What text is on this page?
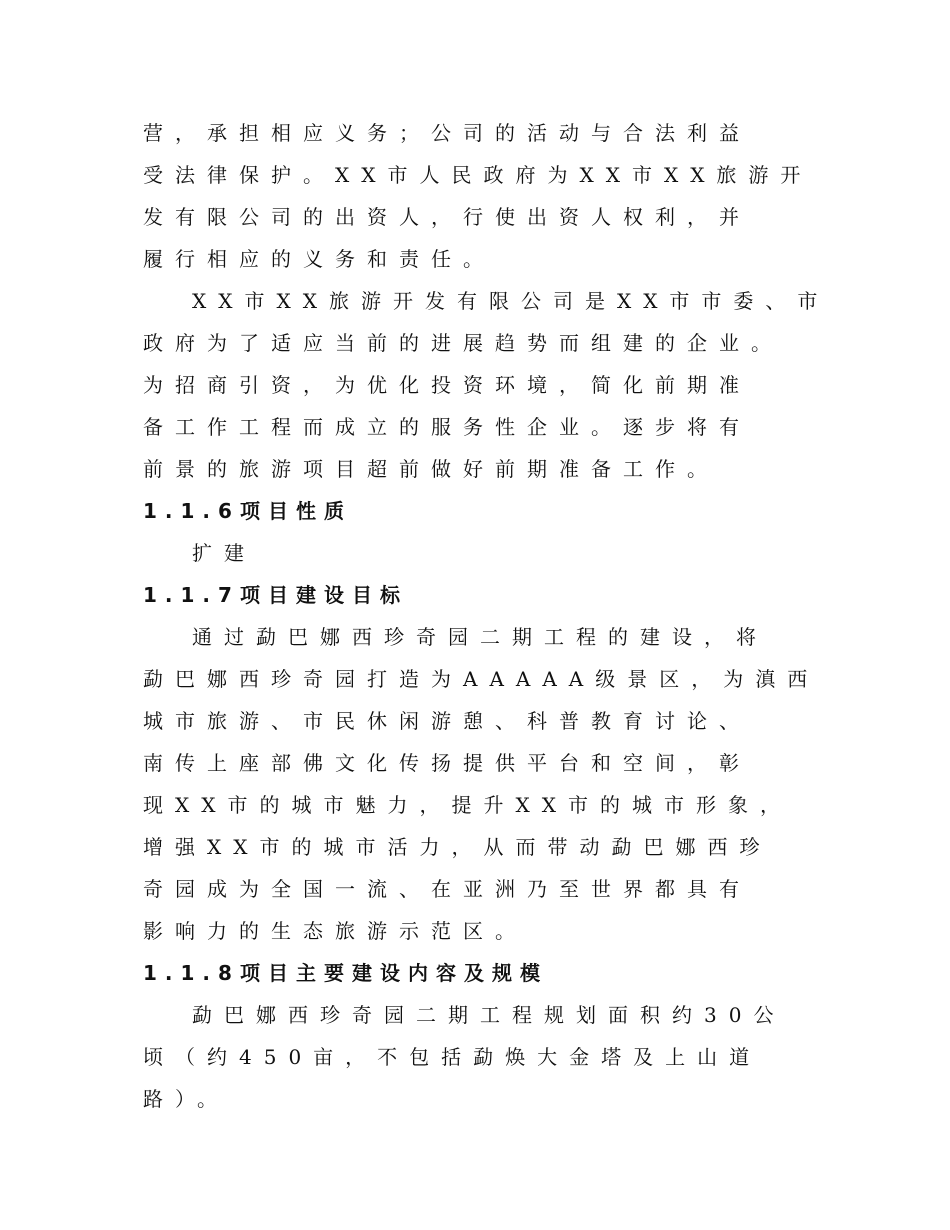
营，承担相应义务；公司的活动与合法利益
受法律保护。XX市人民政府为XX市XX旅游开
发有限公司的出资人，行使出资人权利，并
履行相应的义务和责任。
XX市XX旅游开发有限公司是XX市市委、市
政府为了适应当前的进展趋势而组建的企业。
为招商引资，为优化投资环境，简化前期准
备工作工程而成立的服务性企业。逐步将有
前景的旅游项目超前做好前期准备工作。
1.1.6项目性质
扩建
1.1.7项目建设目标
通过勐巴娜西珍奇园二期工程的建设，将
勐巴娜西珍奇园打造为AAAAA级景区，为滇西
城市旅游、市民休闲游憩、科普教育讨论、
南传上座部佛文化传扬提供平台和空间，彰
现XX市的城市魅力，提升XX市的城市形象，
增强XX市的城市活力，从而带动勐巴娜西珍
奇园成为全国一流、在亚洲乃至世界都具有
影响力的生态旅游示范区。
1.1.8项目主要建设内容及规模
勐巴娜西珍奇园二期工程规划面积约30公
顷（约450亩，不包括勐焕大金塔及上山道
路）。
